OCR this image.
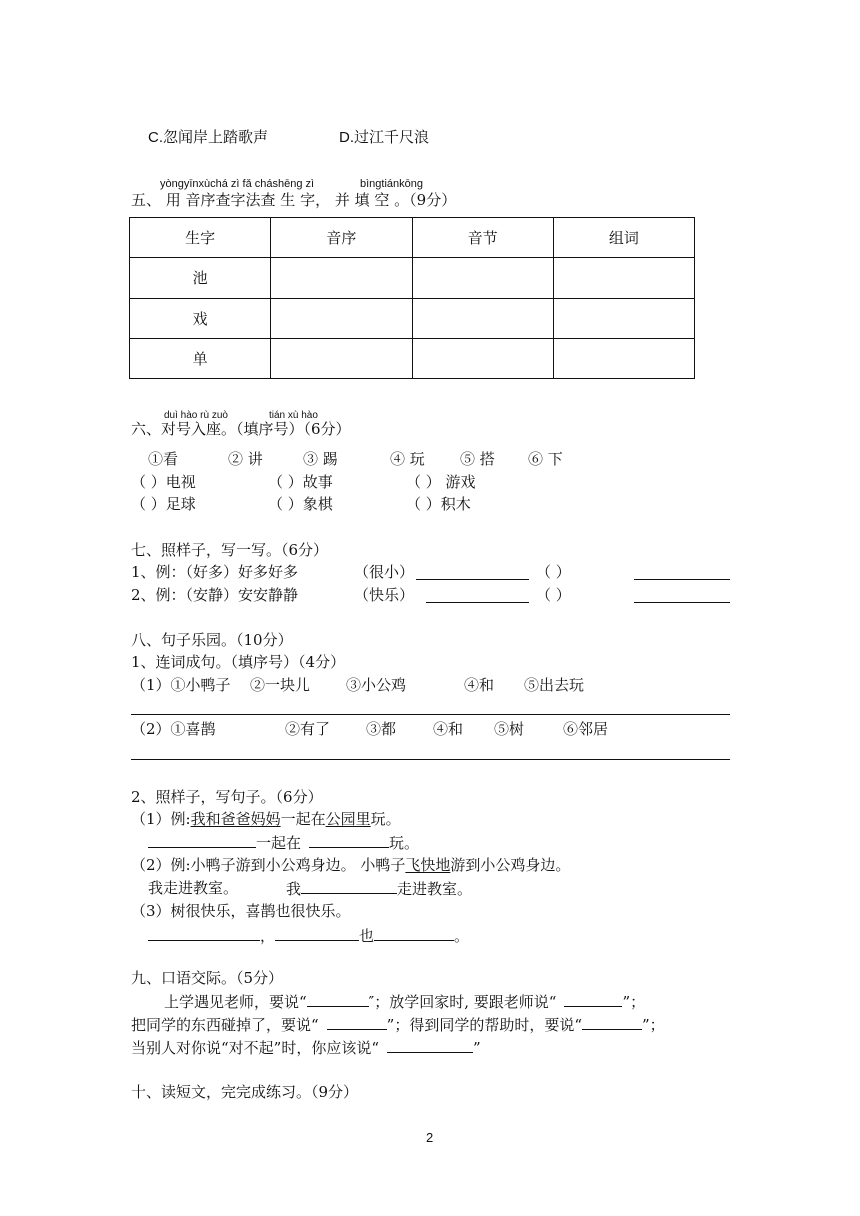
C.忽闻岸上踏歌声	D.过江千尺浪
yòngyīnxùchá zì fǎ cháshēng zì	bìngtiánkōng
五、 用 音序查字法查 生 字， 并 填 空 。（9分）
生字	音序	音节	组词
池			
戏			
单			
duì hào rù zuò	tián xù hào
六、对号入座。（填序号）（6分）
①看	② 讲	③ 踢	④ 玩 ⑤ 搭 ⑥ 下
（ ）电视	（ ）故事	（ ） 游戏
（ ）足球	（ ）象棋	（ ）积木
七、照样子，写一写。（6分）
1、例：（好多）好多好多	（很小）	（ ）
2、例：（安静）安安静静	（快乐）	（ ）
八、句子乐园。（10分）
1、连词成句。（填序号）（4分）
（1）①小鸭子 ②一块儿 ③小公鸡	④和 ⑤出去玩
（2）①喜鹊	②有了 ③都 ④和 ⑤树	⑥邻居
2、照样子，写句子。（6分）
（1）例:我和爸爸妈妈一起在公园里玩。
一起在	玩。
（2）例:小鸭子游到小公鸡身边。 小鸭子飞快地游到小公鸡身边。
我走进教室。	我	走进教室。
（3）树很快乐，喜鹊也很快乐。
，	也	。
九、口语交际。（5分）
上学遇见老师，要说“	″；放学回家时, 要跟老师说“	”；
把同学的东西碰掉了，要说“	”；得到同学的帮助时，要说“	”；
当别人对你说“对不起”时，你应该说“	”
十、读短文，完完成练习。（9分）
2
